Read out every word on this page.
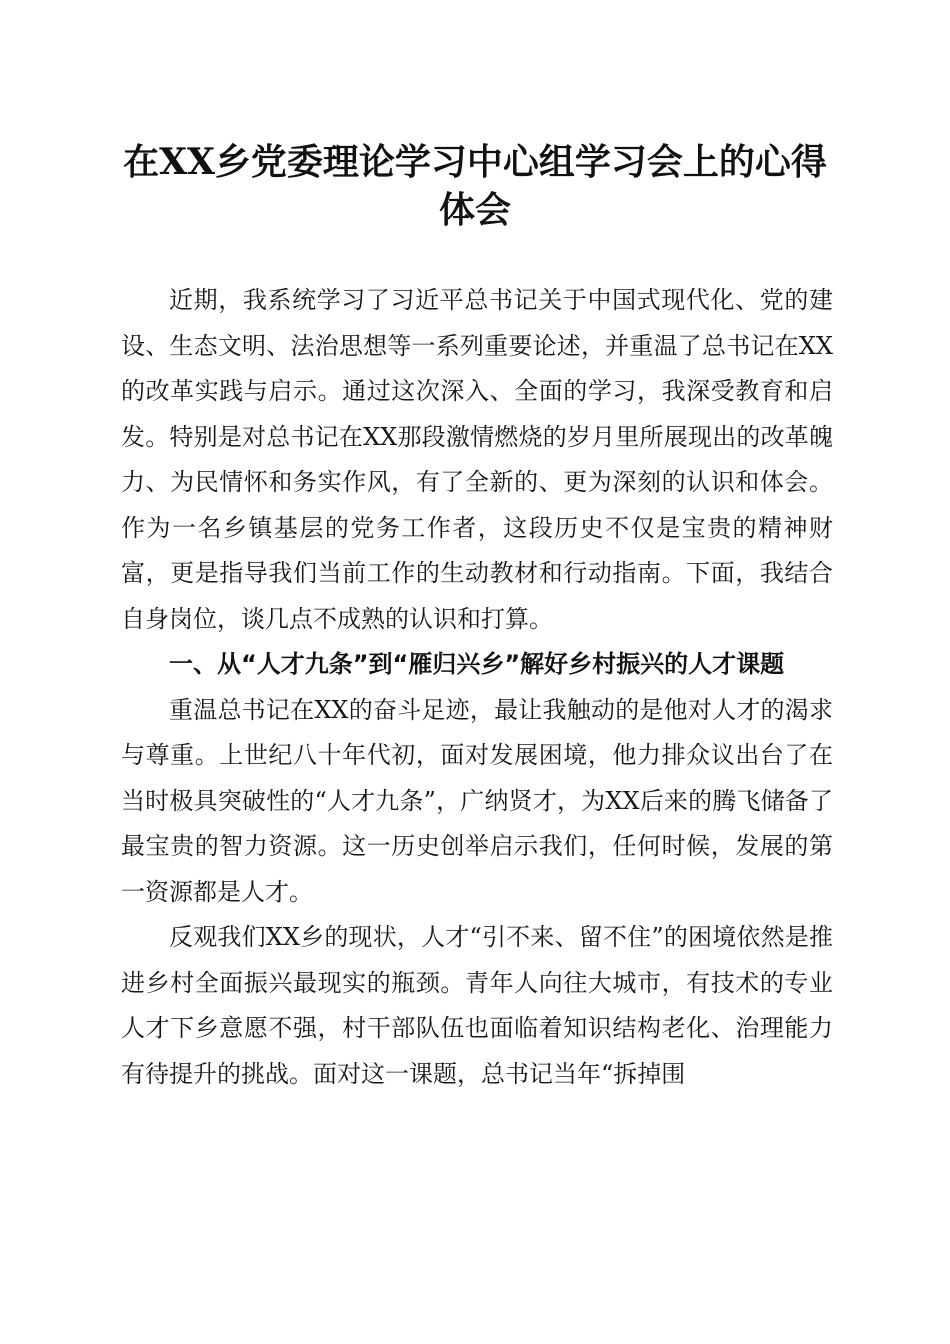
在XX乡党委理论学习中心组学习会上的心得体会

近期，我系统学习了习近平总书记关于中国式现代化、党的建设、生态文明、法治思想等一系列重要论述，并重温了总书记在XX的改革实践与启示。通过这次深入、全面的学习，我深受教育和启发。特别是对总书记在XX那段激情燃烧的岁月里所展现出的改革魄力、为民情怀和务实作风，有了全新的、更为深刻的认识和体会。作为一名乡镇基层的党务工作者，这段历史不仅是宝贵的精神财富，更是指导我们当前工作的生动教材和行动指南。下面，我结合自身岗位，谈几点不成熟的认识和打算。

一、从“人才九条”到“雁归兴乡”解好乡村振兴的人才课题

重温总书记在XX的奋斗足迹，最让我触动的是他对人才的渴求与尊重。上世纪八十年代初，面对发展困境，他力排众议出台了在当时极具突破性的“人才九条”，广纳贤才，为XX后来的腾飞储备了最宝贵的智力资源。这一历史创举启示我们，任何时候，发展的第一资源都是人才。

反观我们XX乡的现状，人才“引不来、留不住”的困境依然是推进乡村全面振兴最现实的瓶颈。青年人向往大城市，有技术的专业人才下乡意愿不强，村干部队伍也面临着知识结构老化、治理能力有待提升的挑战。面对这一课题，总书记当年“拆掉围
